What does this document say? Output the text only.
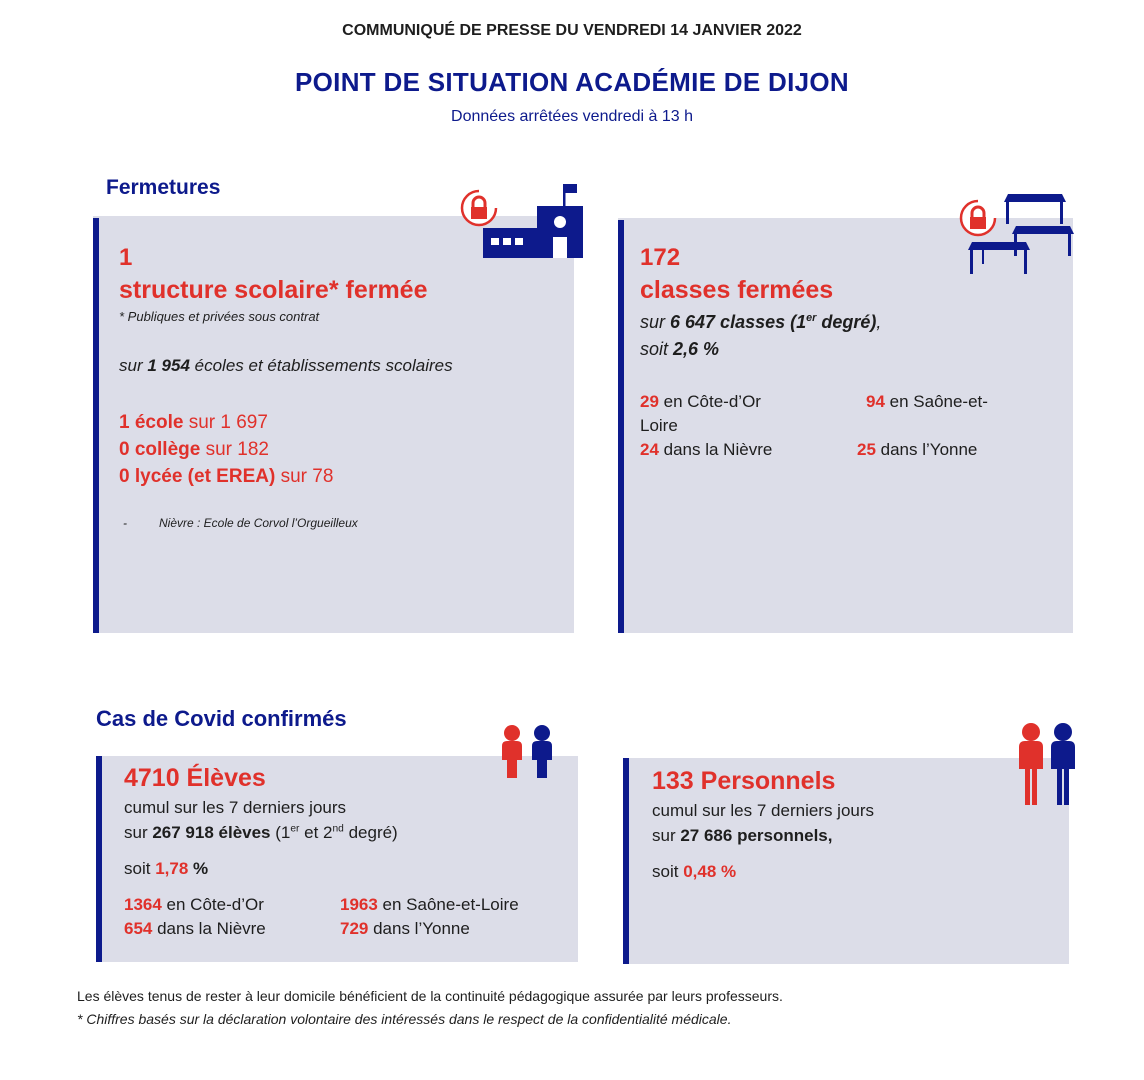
COMMUNIQUÉ DE PRESSE DU VENDREDI 14 JANVIER 2022
POINT DE SITUATION ACADÉMIE DE DIJON
Données arrêtées vendredi à 13 h
Fermetures
1
structure scolaire* fermée
* Publiques et privées sous contrat
sur 1 954 écoles et établissements scolaires
1 école sur 1 697
0 collège sur 182
0 lycée (et EREA) sur 78
-	Nièvre : Ecole de Corvol l’Orgueilleux
172
classes fermées
sur 6 647 classes (1er degré),
soit 2,6 %
29 en Côte-d’Or	94 en Saône-et-
Loire
24 dans la Nièvre	25 dans l’Yonne
Cas de Covid confirmés
4710 Élèves
cumul sur les 7 derniers jours
sur 267 918 élèves (1er et 2nd degré)
soit 1,78 %
1364 en Côte-d’Or	1963 en Saône-et-Loire
654 dans la Nièvre	729 dans l’Yonne
133 Personnels
cumul sur les 7 derniers jours
sur 27 686 personnels,
soit 0,48 %
Les élèves tenus de rester à leur domicile bénéficient de la continuité pédagogique assurée par leurs professeurs.
* Chiffres basés sur la déclaration volontaire des intéressés dans le respect de la confidentialité médicale.
